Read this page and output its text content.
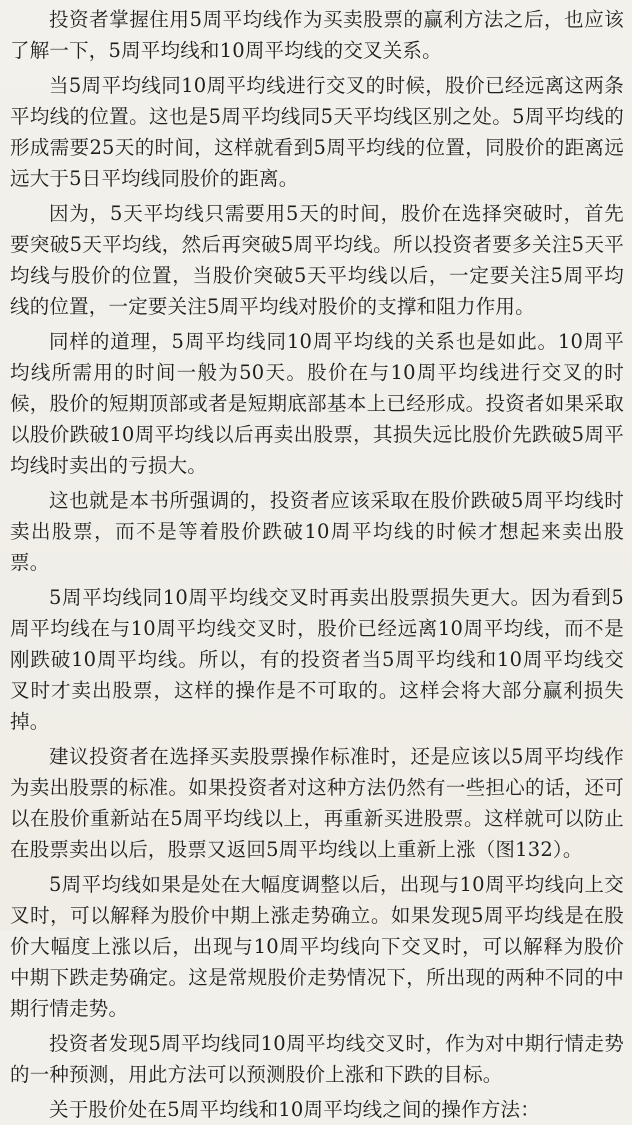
投资者掌握住用5周平均线作为买卖股票的赢利方法之后，也应该了解一下，5周平均线和10周平均线的交叉关系。

当5周平均线同10周平均线进行交叉的时候，股价已经远离这两条平均线的位置。这也是5周平均线同5天平均线区别之处。5周平均线的形成需要25天的时间，这样就看到5周平均线的位置，同股价的距离远远大于5日平均线同股价的距离。

因为，5天平均线只需要用5天的时间，股价在选择突破时，首先要突破5天平均线，然后再突破5周平均线。所以投资者要多关注5天平均线与股价的位置，当股价突破5天平均线以后，一定要关注5周平均线的位置，一定要关注5周平均线对股价的支撑和阻力作用。

同样的道理，5周平均线同10周平均线的关系也是如此。10周平均线所需用的时间一般为50天。股价在与10周平均线进行交叉的时候，股价的短期顶部或者是短期底部基本上已经形成。投资者如果采取以股价跌破10周平均线以后再卖出股票，其损失远比股价先跌破5周平均线时卖出的亏损大。

这也就是本书所强调的，投资者应该采取在股价跌破5周平均线时卖出股票，而不是等着股价跌破10周平均线的时候才想起来卖出股票。

5周平均线同10周平均线交叉时再卖出股票损失更大。因为看到5周平均线在与10周平均线交叉时，股价已经远离10周平均线，而不是刚跌破10周平均线。所以，有的投资者当5周平均线和10周平均线交叉时才卖出股票，这样的操作是不可取的。这样会将大部分赢利损失掉。

建议投资者在选择买卖股票操作标准时，还是应该以5周平均线作为卖出股票的标准。如果投资者对这种方法仍然有一些担心的话，还可以在股价重新站在5周平均线以上，再重新买进股票。这样就可以防止在股票卖出以后，股票又返回5周平均线以上重新上涨（图132）。

5周平均线如果是处在大幅度调整以后，出现与10周平均线向上交叉时，可以解释为股价中期上涨走势确立。如果发现5周平均线是在股价大幅度上涨以后，出现与10周平均线向下交叉时，可以解释为股价中期下跌走势确定。这是常规股价走势情况下，所出现的两种不同的中期行情走势。

投资者发现5周平均线同10周平均线交叉时，作为对中期行情走势的一种预测，用此方法可以预测股价上涨和下跌的目标。

关于股价处在5周平均线和10周平均线之间的操作方法：
